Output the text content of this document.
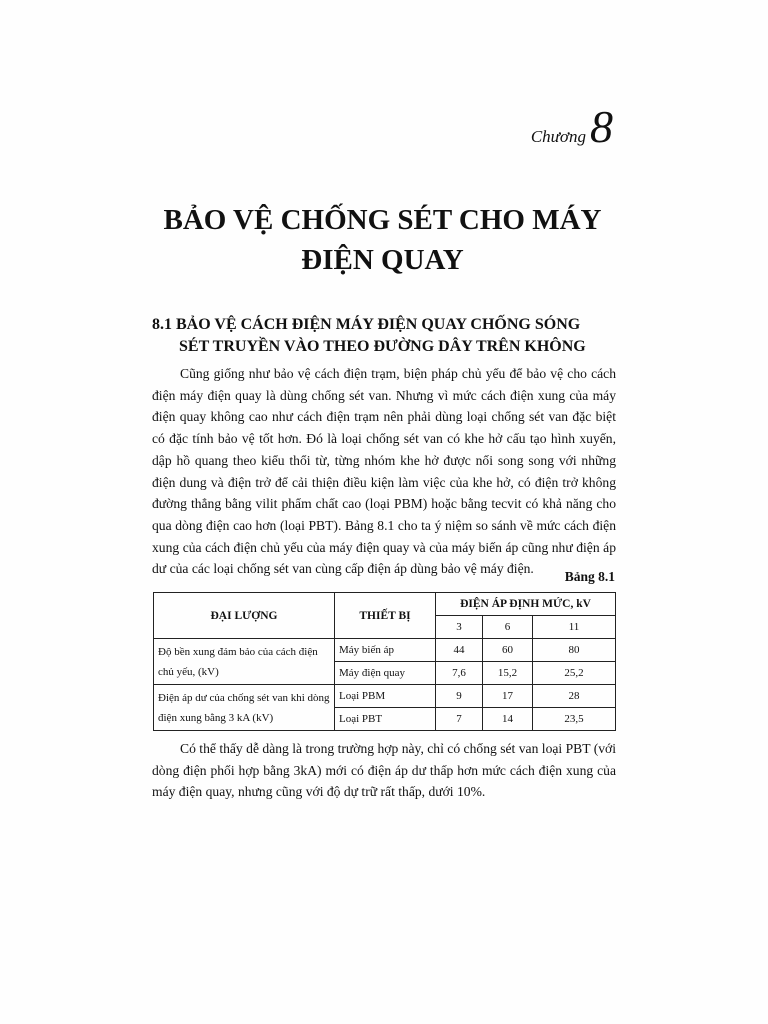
Chương 8
BẢO VỆ CHỐNG SÉT CHO MÁY
ĐIỆN QUAY
8.1 BẢO VỆ CÁCH ĐIỆN MÁY ĐIỆN QUAY CHỐNG SÓNG
SÉT TRUYỀN VÀO THEO ĐƯỜNG DÂY TRÊN KHÔNG

Cũng giống như bảo vệ cách điện trạm, biện pháp chủ yếu để bảo vệ cho cách điện máy điện quay là dùng chống sét van. Nhưng vì mức cách điện xung của máy điện quay không cao như cách điện trạm nên phải dùng loại chống sét van đặc biệt có đặc tính bảo vệ tốt hơn. Đó là loại chống sét van có khe hở cấu tạo hình xuyến, dập hồ quang theo kiểu thổi từ, từng nhóm khe hở được nối song song với những điện dung và điện trở để cải thiện điều kiện làm việc của khe hở, có điện trở không đường thẳng bằng vilit phẩm chất cao (loại PBM) hoặc bằng tecvit có khả năng cho qua dòng điện cao hơn (loại PBT). Bảng 8.1 cho ta ý niệm so sánh về mức cách điện xung của cách điện chủ yếu của máy điện quay và của máy biến áp cũng như điện áp dư của các loại chống sét van cùng cấp điện áp dùng bảo vệ máy điện.

Bảng 8.1
ĐẠI LƯỢNG	THIẾT BỊ	ĐIỆN ÁP ĐỊNH MỨC, kV		
		3	6	11
Độ bền xung đảm bảo của cách điện chủ yếu, (kV)	Máy biến áp	44	60	80
	Máy điện quay	7,6	15,2	25,2
Điện áp dư của chống sét van khi dòng điện xung bằng 3 kA (kV)	Loại PBM	9	17	28
	Loại PBT	7	14	23,5

Có thể thấy dễ dàng là trong trường hợp này, chỉ có chống sét van loại PBT (với dòng điện phối hợp bằng 3kA) mới có điện áp dư thấp hơn mức cách điện xung của máy điện quay, nhưng cũng với độ dự trữ rất thấp, dưới 10%.
